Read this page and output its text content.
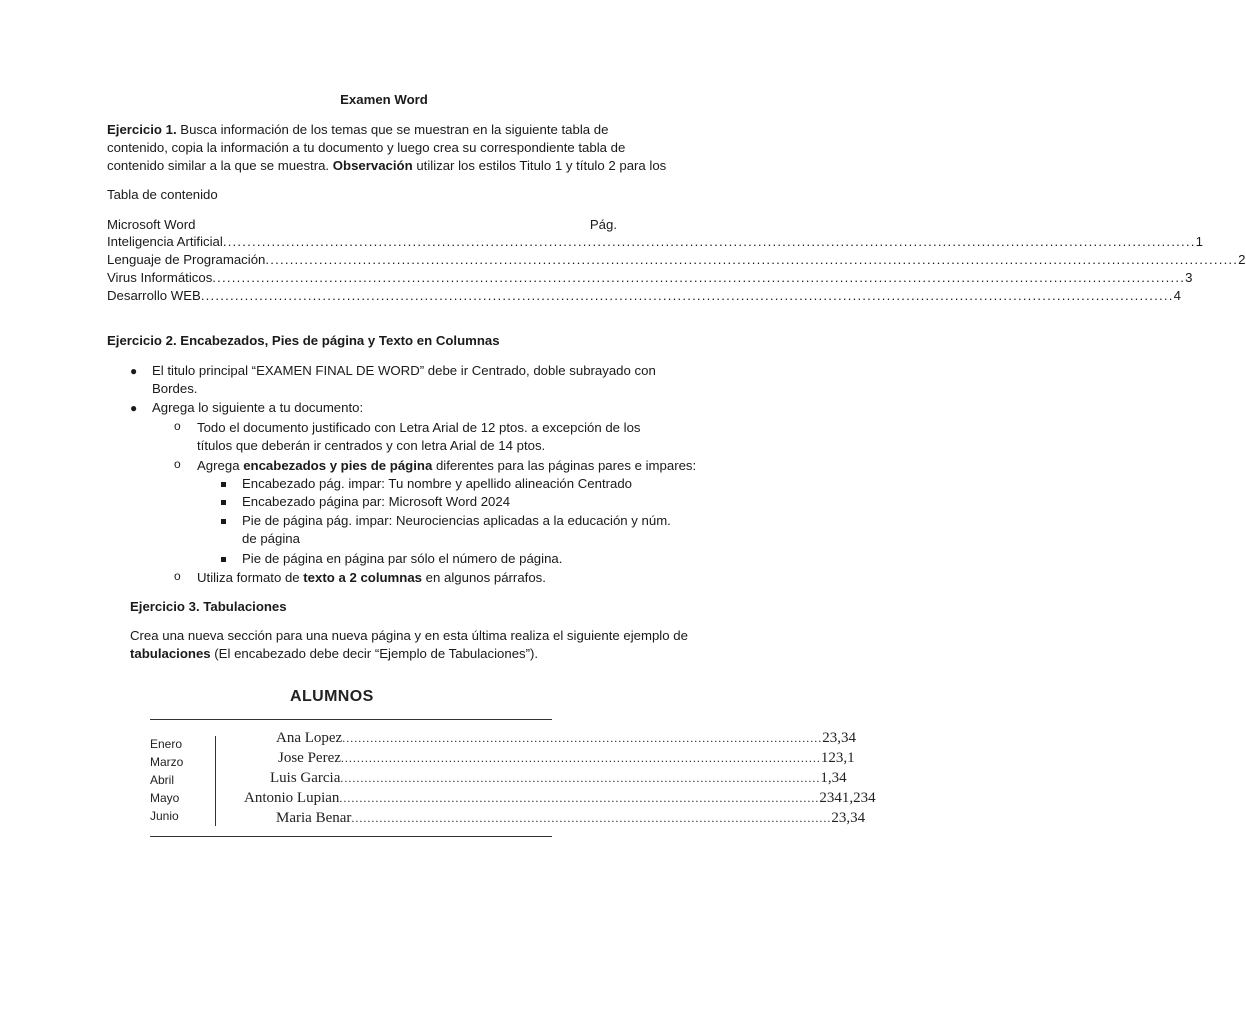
Examen Word
Ejercicio 1. Busca información de los temas que se muestran en la siguiente tabla de contenido, copia la información a tu documento y luego crea su correspondiente tabla de contenido similar a la que se muestra. Observación utilizar los estilos Titulo 1 y título 2 para los
Tabla de contenido
Microsoft Word	Pág.
Inteligencia Artificial ........................................................................................................................................................................................................ 1
Lenguaje de Programación ........................................................................................................................................................................................................ 2
Virus Informáticos ........................................................................................................................................................................................................ 3
Desarrollo WEB ........................................................................................................................................................................................................ 4
Ejercicio 2. Encabezados, Pies de página y Texto en Columnas
● El titulo principal “EXAMEN FINAL DE WORD” debe ir Centrado, doble subrayado con
Bordes.
● Agrega lo siguiente a tu documento:
o Todo el documento justificado con Letra Arial de 12 ptos. a excepción de los
títulos que deberán ir centrados y con letra Arial de 14 ptos.
o Agrega encabezados y pies de página diferentes para las páginas pares e impares:
Encabezado pág. impar: Tu nombre y apellido alineación Centrado
Encabezado página par: Microsoft Word 2024
Pie de página pág. impar: Neurociencias aplicadas a la educación y núm.
de página
Pie de página en página par sólo el número de página.
o Utiliza formato de texto a 2 columnas en algunos párrafos.
Ejercicio 3. Tabulaciones
Crea una nueva sección para una nueva página y en esta última realiza el siguiente ejemplo de
tabulaciones (El encabezado debe decir “Ejemplo de Tabulaciones”).
ALUMNOS
Enero
Marzo
Abril
Mayo
Junio
Ana Lopez ........................................................................................................................ 23,34
Jose Perez ........................................................................................................................ 123,1
Luis Garcia ........................................................................................................................ 1,34
Antonio Lupian ........................................................................................................................ 2341,234
Maria Benar ........................................................................................................................ 23,34
